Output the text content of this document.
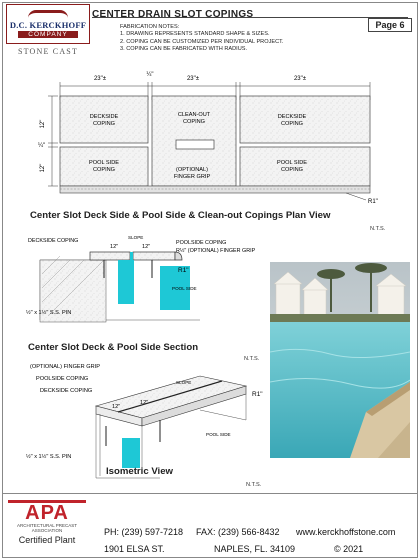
D.C. KERCKHOFF
COMPANY
STONE CAST
CENTER DRAIN SLOT COPINGS
Page 6
FABRICATION NOTES:
1. DRAWING REPRESENTS STANDARD SHAPE & SIZES.
2. COPING CAN BE CUSTOMIZED PER INDIVIDUAL PROJECT.
3. COPING CAN BE FABRICATED WITH RADIUS.
23"±
¼"
23"±	23"±
12"
¼"
12"
DECKSIDE
COPING
CLEAN-OUT
COPING
DECKSIDE
COPING
POOL SIDE
COPING	(OPTIONAL)
FINGER GRIP
POOL SIDE
COPING
R1"
Center Slot Deck Side & Pool Side & Clean-out Copings Plan View
N.T.S.
DECKSIDE COPING
12"	12"
SLOPE
POOLSIDE COPING
R½" (OPTIONAL) FINGER GRIP
R1"
POOL SIDE
½" x 1½" S.S. PIN
Center Slot Deck & Pool Side Section
N.T.S.
(OPTIONAL) FINGER GRIP
POOLSIDE COPING
DECKSIDE COPING
SLOPE
12"
12"
R1"
POOL SIDE
½" x 1½" S.S. PIN
Isometric View
N.T.S.
APA
ARCHITECTURAL PRECAST
ASSOCIATION
Certified Plant
PH: (239) 597-7218 FAX: (239) 566-8432 www.kerckhoffstone.com
1901 ELSA ST.	NAPLES, FL. 34109	© 2021
